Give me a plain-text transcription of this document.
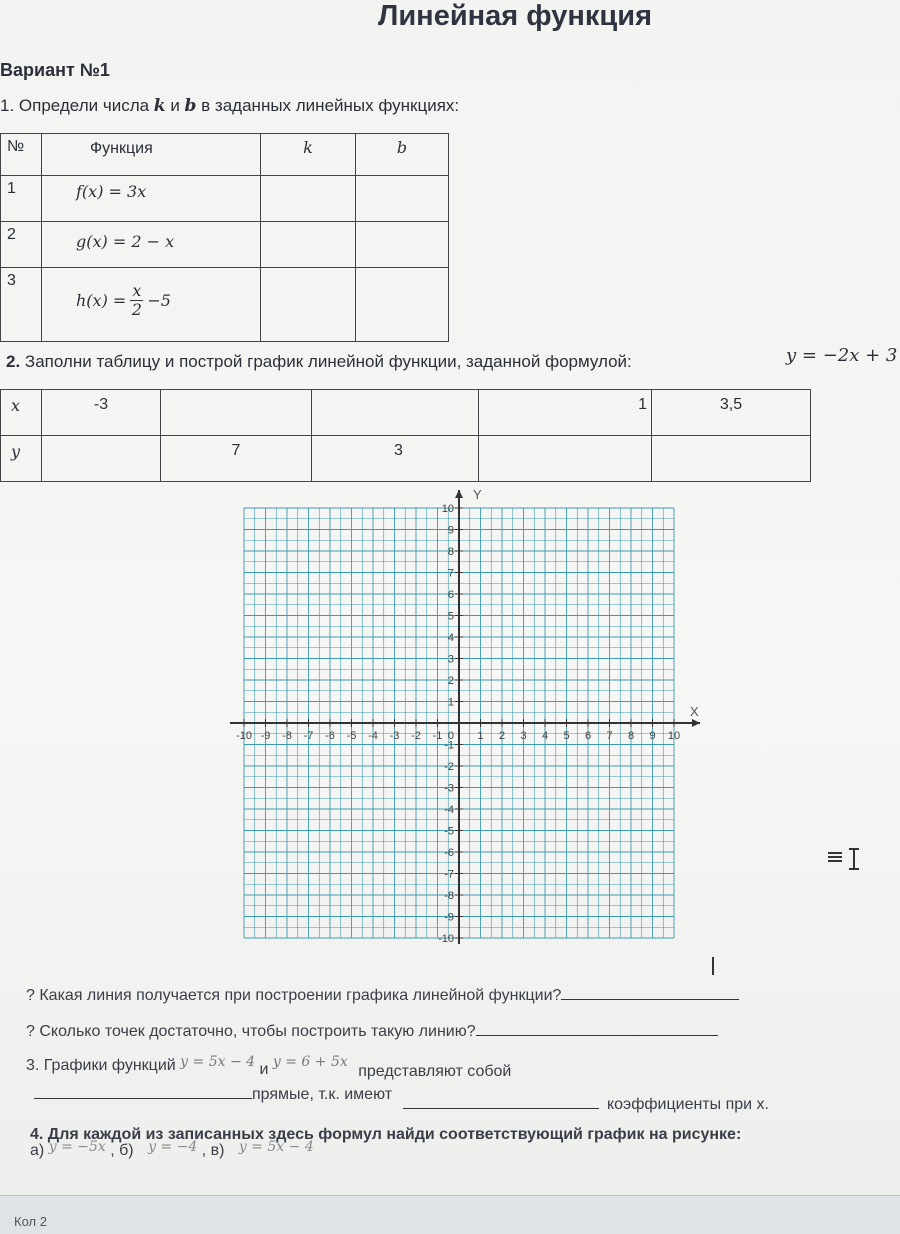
Линейная функция
Вариант №1
1. Определи числа k и b в заданных линейных функциях:
№	Функция	k	b
1	f(x) = 3x		
2	g(x) = 2 − x		
3	$h(x) = \frac{x}{2} -5$		

2. Заполни таблицу и построй график линейной функции, заданной формулой:	y = −2x + 3
x	-3			1	3,5
y		7	3		
-10
-10
-9
-9
-8
-8
-7
-7
-6
-6
-5
-5
-4
-4
-3
-3
-2
-2
-1
-1
1
1
2
2
3
3
4
4
5
5
6
6
7
7
8
8
9
9
10
10
0
X
Y
? Какая линия получается при построении графика линейной функции?
? Сколько точек достаточно, чтобы построить такую линию?
3. Графики функций y = 5x − 4 и y = 6 + 5x представляют собой
прямые, т.к. имеют  коэффициенты при x.
4. Для каждой из записанных здесь формул найди соответствующий график на рисунке:
а) y = −5x , б) y = −4 , в) y = 5x − 4
Кол 2
